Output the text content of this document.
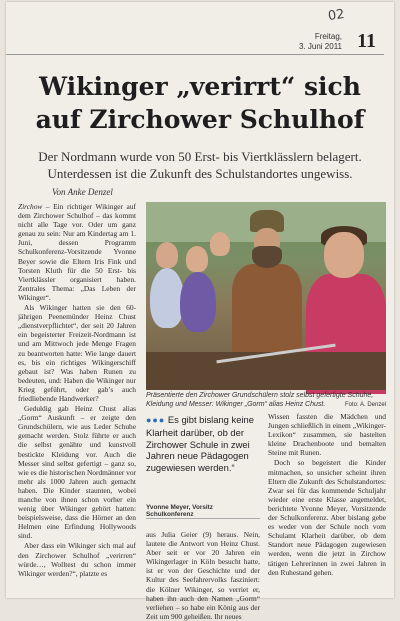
02
Freitag,
3. Juni 2011 11
Wikinger „verirrt“ sich
auf Zirchower Schulhof
Der Nordmann wurde von 50 Erst- bis Viertklässlern belagert. Unterdessen ist die Zukunft des Schulstandortes ungewiss.
Von Anke Denzel

Zirchow – Ein richtiger Wikinger auf dem Zirchower Schulhof – das kommt nicht alle Tage vor. Oder um ganz genau zu sein: Nur am Kindertag am 1. Juni, dessen Programm Schulkonferenz-Vorsitzende Yvonne Beyer sowie die Eltern Iris Fink und Torsten Kluth für die 50 Erst- bis Viertklässler organisiert haben. Zentrales Thema: „Das Leben der Wikinger“.

Als Wikinger hatten sie den 60-jährigen Peenemünder Heinz Chust „dienstverpflichtet“, der seit 20 Jahren ein begeisterter Freizeit-Nordmann ist und am Mittwoch jede Menge Fragen zu beantworten hatte: Wie lange dauert es, bis ein richtiges Wikingerschiff gebaut ist? Was haben Runen zu bedeuten, und: Haben die Wikinger nur Krieg geführt, oder gab’s auch friedliebende Handwerker?

Geduldig gab Heinz Chust alias „Gorm“ Auskunft – er zeigte den Grundschülern, wie aus Leder Schuhe gemacht werden. Stolz führte er auch die selbst genähte und kunstvoll bestickte Kleidung vor. Auch die Messer sind selbst gefertigt – ganz so, wie es die historischen Nordmänner vor mehr als 1000 Jahren auch gemacht haben. Die Kinder staunten, wobei manche von ihnen schon vorher ein wenig über Wikinger gehört hatten: beispielsweise, dass die Hörner an den Helmen eine Erfindung Hollywoods sind.

Aber dass ein Wikinger sich mal auf den Zirchower Schulhof „verirren“ würde…, Wolltest du schon immer Wikinger werden?“, platzte es

Präsentierte den Zirchower Grundschülern stolz selbst gefertigte Schuhe, Kleidung und Messer: Wikinger „Gorm“ alias Heinz Chust.	Foto: A. Denzel
●●● Es gibt bislang keine Klarheit darüber, ob der Zirchower Schule in zwei Jahren neue Pädagogen zugewiesen werden.“
Yvonne Meyer, Vorsitz Schulkonferenz

aus Julia Geier (9) heraus. Nein, lautete die Antwort von Heinz Chust. Aber seit er vor 20 Jahren ein Wikingerlager in Köln besucht hatte, ist er von der Geschichte und der Kultur des Seefahrervolks fasziniert: die Kölner Wikinger, so verriet er, haben ihn auch den Namen „Gorm“ verliehen – so habe ein König aus der Zeit um 900 geheißen. Ihr neues

Wissen fassten die Mädchen und Jungen schließlich in einem „Wikinger-Lexikon“ zusammen, sie bastelten kleine Drachenboote und bemalten Steine mit Runen.

Doch so begeistert die Kinder mitmachen, so unsicher scheint ihren Eltern die Zukunft des Schulstandortes: Zwar sei für das kommende Schuljahr wieder eine erste Klasse angemeldet, berichtete Yvonne Meyer, Vorsitzende der Schulkonferenz. Aber bislang gebe es weder von der Schule noch vom Schulamt Klarheit darüber, ob dem Standort neue Pädagogen zugewiesen werden, wenn die jetzt in Zirchow tätigen Lehrerinnen in zwei Jahren in den Ruhestand gehen.
